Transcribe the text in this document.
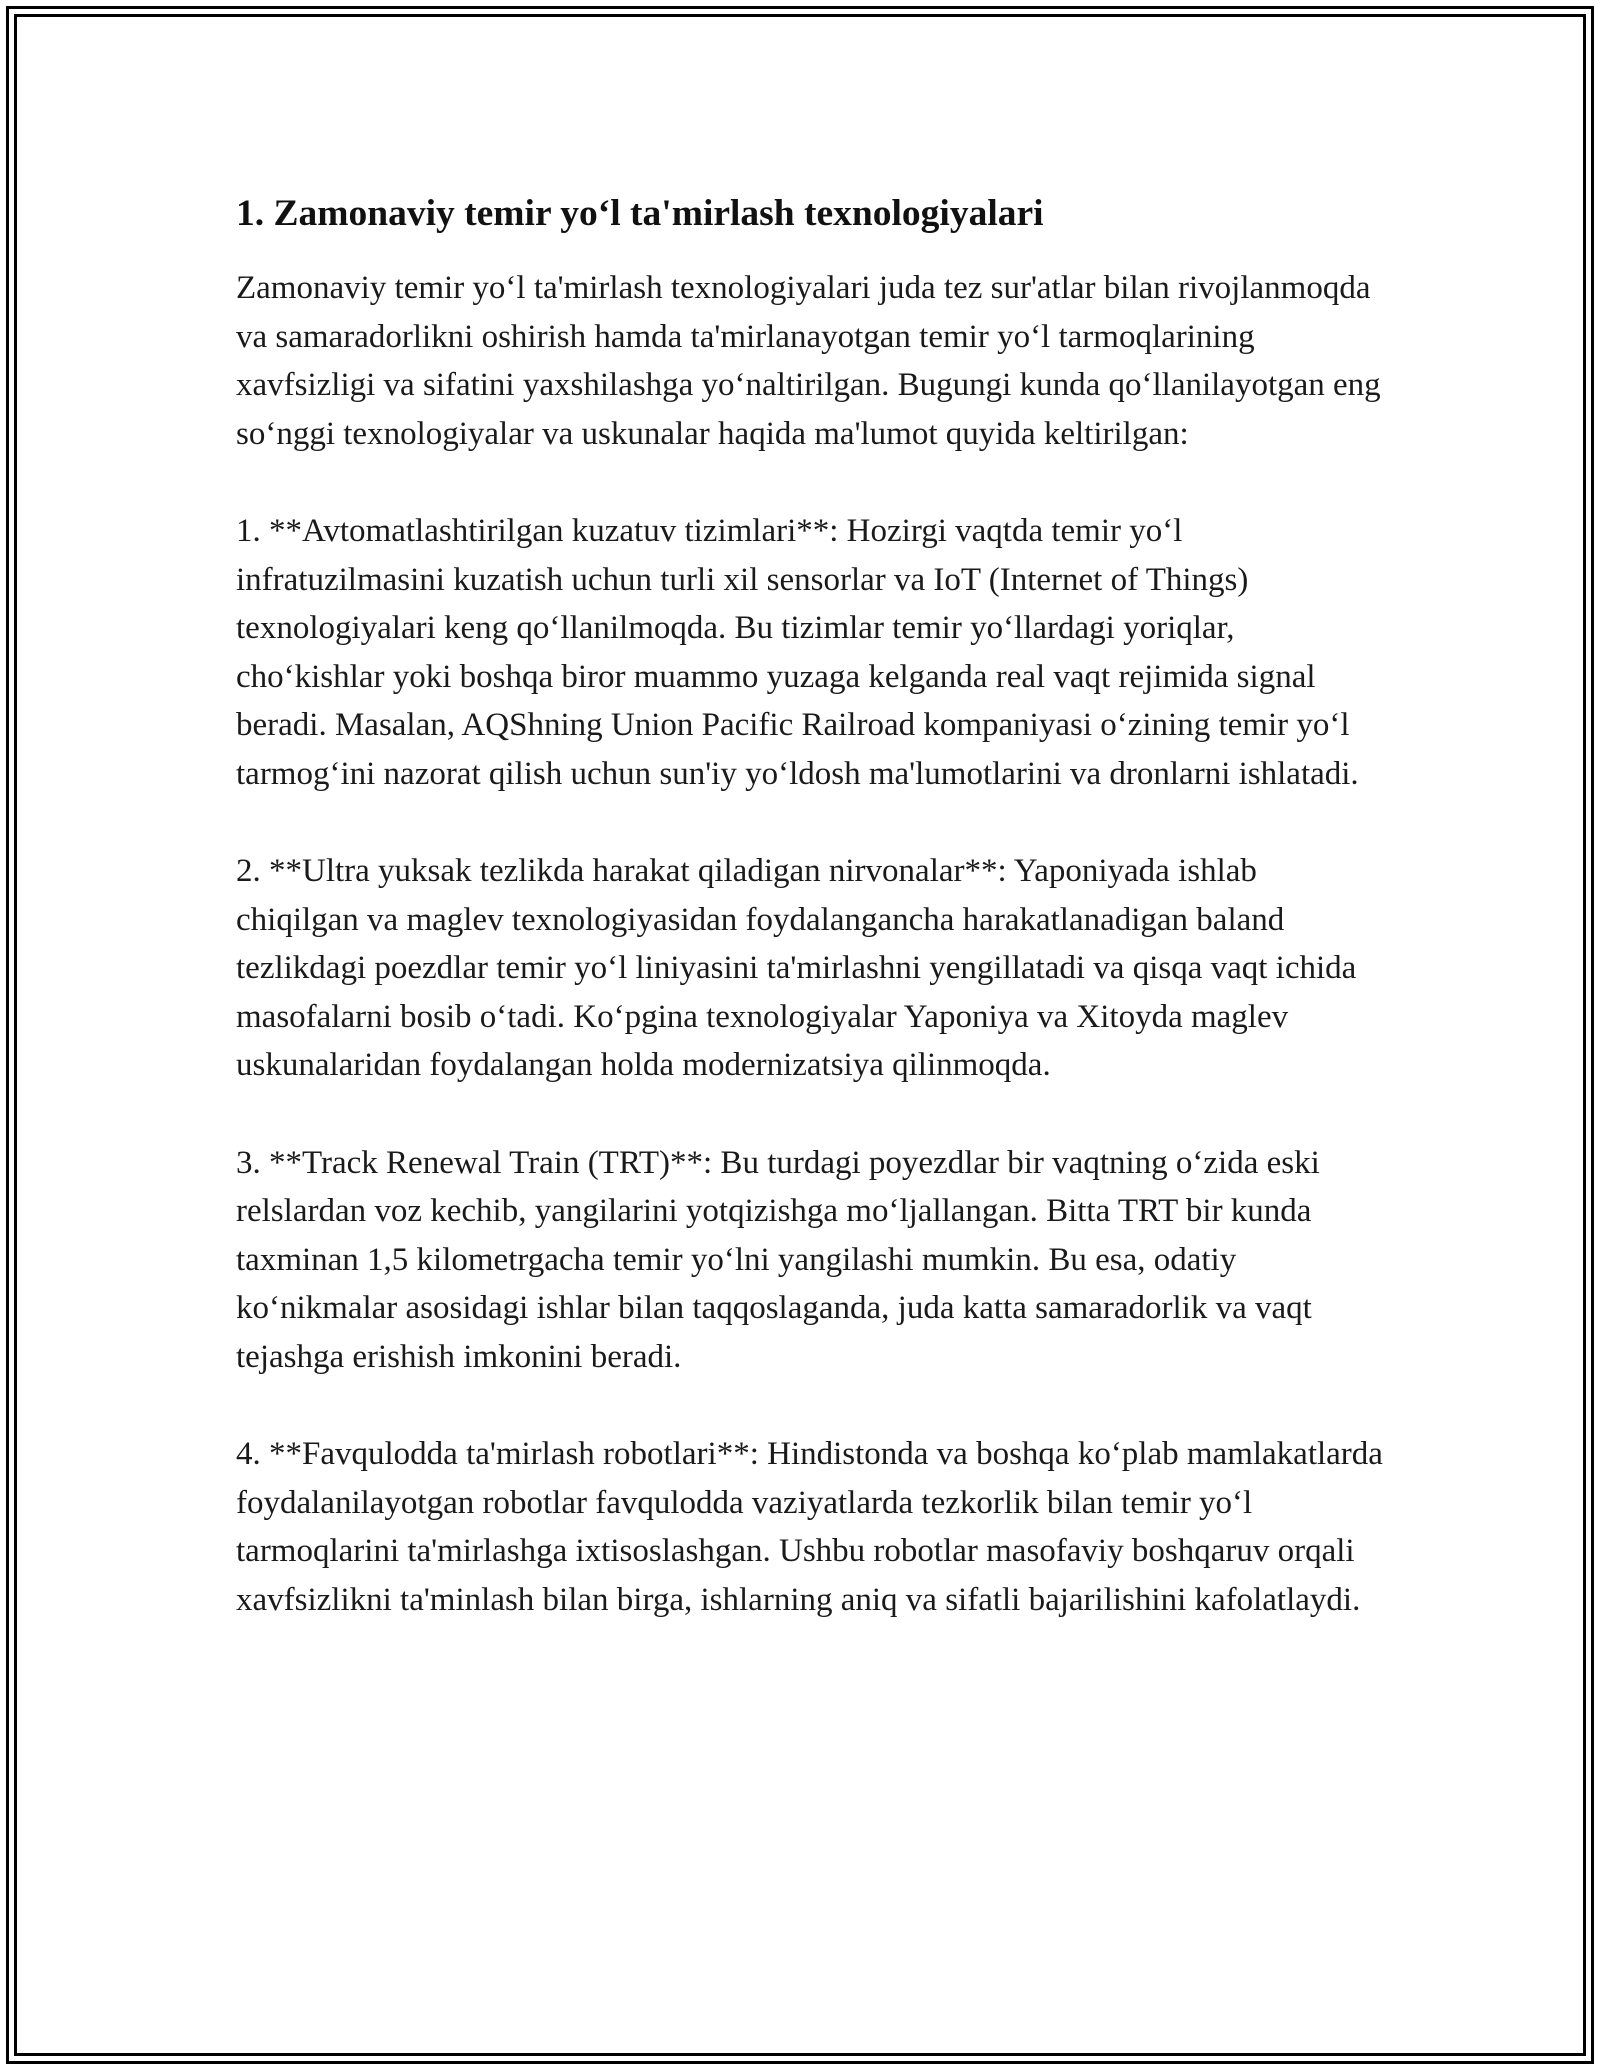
1. Zamonaviy temir yo‘l ta'mirlash texnologiyalari

Zamonaviy temir yo‘l ta'mirlash texnologiyalari juda tez sur'atlar bilan rivojlanmoqda va samaradorlikni oshirish hamda ta'mirlanayotgan temir yo‘l tarmoqlarining xavfsizligi va sifatini yaxshilashga yo‘naltirilgan. Bugungi kunda qo‘llanilayotgan eng so‘nggi texnologiyalar va uskunalar haqida ma'lumot quyida keltirilgan:

1. **Avtomatlashtirilgan kuzatuv tizimlari**: Hozirgi vaqtda temir yo‘l infratuzilmasini kuzatish uchun turli xil sensorlar va IoT (Internet of Things) texnologiyalari keng qo‘llanilmoqda. Bu tizimlar temir yo‘llardagi yoriqlar, cho‘kishlar yoki boshqa biror muammo yuzaga kelganda real vaqt rejimida signal beradi. Masalan, AQShning Union Pacific Railroad kompaniyasi o‘zining temir yo‘l tarmog‘ini nazorat qilish uchun sun'iy yo‘ldosh ma'lumotlarini va dronlarni ishlatadi.

2. **Ultra yuksak tezlikda harakat qiladigan nirvonalar**: Yaponiyada ishlab chiqilgan va maglev texnologiyasidan foydalangancha harakatlanadigan baland tezlikdagi poezdlar temir yo‘l liniyasini ta'mirlashni yengillatadi va qisqa vaqt ichida masofalarni bosib o‘tadi. Ko‘pgina texnologiyalar Yaponiya va Xitoyda maglev uskunalaridan foydalangan holda modernizatsiya qilinmoqda.

3. **Track Renewal Train (TRT)**: Bu turdagi poyezdlar bir vaqtning o‘zida eski relslardan voz kechib, yangilarini yotqizishga mo‘ljallangan. Bitta TRT bir kunda taxminan 1,5 kilometrgacha temir yo‘lni yangilashi mumkin. Bu esa, odatiy ko‘nikmalar asosidagi ishlar bilan taqqoslaganda, juda katta samaradorlik va vaqt tejashga erishish imkonini beradi.

4. **Favqulodda ta'mirlash robotlari**: Hindistonda va boshqa ko‘plab mamlakatlarda foydalanilayotgan robotlar favqulodda vaziyatlarda tezkorlik bilan temir yo‘l tarmoqlarini ta'mirlashga ixtisoslashgan. Ushbu robotlar masofaviy boshqaruv orqali xavfsizlikni ta'minlash bilan birga, ishlarning aniq va sifatli bajarilishini kafolatlaydi.
